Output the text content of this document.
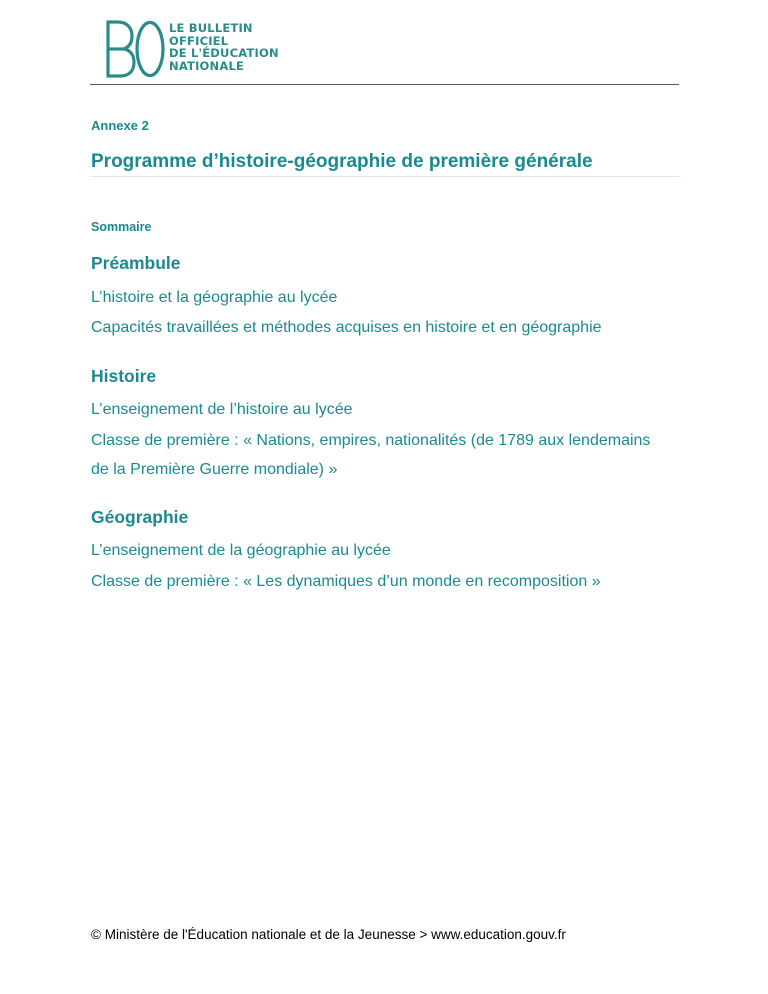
LE BULLETIN
OFFICIEL
DE L'ÉDUCATION
NATIONALE
Annexe 2
Programme d’histoire-géographie de première générale
Sommaire
Préambule
L’histoire et la géographie au lycée
Capacités travaillées et méthodes acquises en histoire et en géographie
Histoire
L’enseignement de l’histoire au lycée
Classe de première : « Nations, empires, nationalités (de 1789 aux lendemains de la Première Guerre mondiale) »
Géographie
L’enseignement de la géographie au lycée
Classe de première : « Les dynamiques d’un monde en recomposition »
© Ministère de l'Éducation nationale et de la Jeunesse > www.education.gouv.fr
